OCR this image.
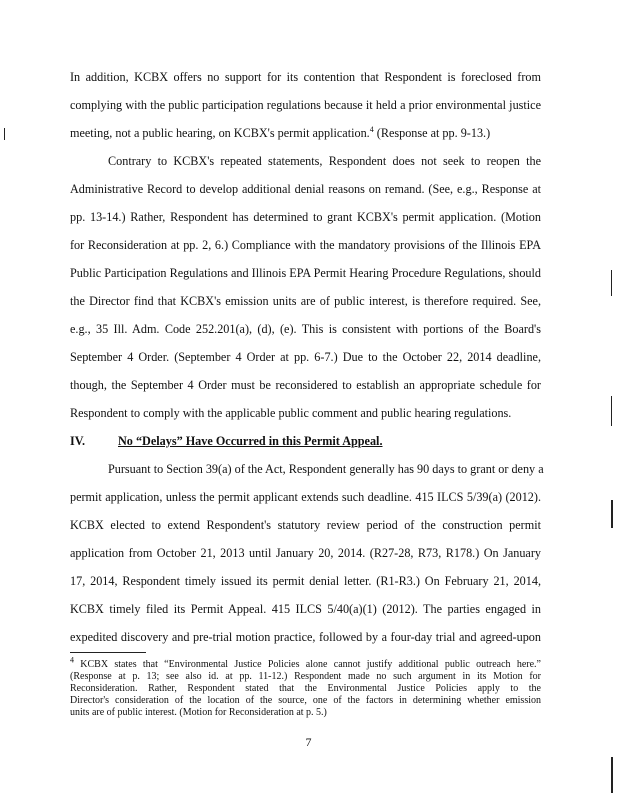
In addition, KCBX offers no support for its contention that Respondent is foreclosed from
complying with the public participation regulations because it held a prior environmental justice
meeting, not a public hearing, on KCBX's permit application.$^4$ (Response at pp. 9-13.)
Contrary to KCBX's repeated statements, Respondent does not seek to reopen the
Administrative Record to develop additional denial reasons on remand. (See, e.g., Response at
pp. 13-14.) Rather, Respondent has determined to grant KCBX's permit application. (Motion
for Reconsideration at pp. 2, 6.) Compliance with the mandatory provisions of the Illinois EPA
Public Participation Regulations and Illinois EPA Permit Hearing Procedure Regulations, should
the Director find that KCBX's emission units are of public interest, is therefore required. See,
e.g., 35 Ill. Adm. Code 252.201(a), (d), (e). This is consistent with portions of the Board's
September 4 Order. (September 4 Order at pp. 6-7.) Due to the October 22, 2014 deadline,
though, the September 4 Order must be reconsidered to establish an appropriate schedule for
Respondent to comply with the applicable public comment and public hearing regulations.
IV.	No “Delays” Have Occurred in this Permit Appeal.
Pursuant to Section 39(a) of the Act, Respondent generally has 90 days to grant or deny a
permit application, unless the permit applicant extends such deadline. 415 ILCS 5/39(a) (2012).
KCBX elected to extend Respondent's statutory review period of the construction permit
application from October 21, 2013 until January 20, 2014. (R27-28, R73, R178.) On January
17, 2014, Respondent timely issued its permit denial letter. (R1-R3.) On February 21, 2014,
KCBX timely filed its Permit Appeal. 415 ILCS 5/40(a)(1) (2012). The parties engaged in
expedited discovery and pre-trial motion practice, followed by a four-day trial and agreed-upon
$^4$ KCBX states that “Environmental Justice Policies alone cannot justify additional public outreach here.”
(Response at p. 13; see also id. at pp. 11-12.) Respondent made no such argument in its Motion for
Reconsideration. Rather, Respondent stated that the Environmental Justice Policies apply to the
Director's consideration of the location of the source, one of the factors in determining whether emission
units are of public interest. (Motion for Reconsideration at p. 5.)
7
